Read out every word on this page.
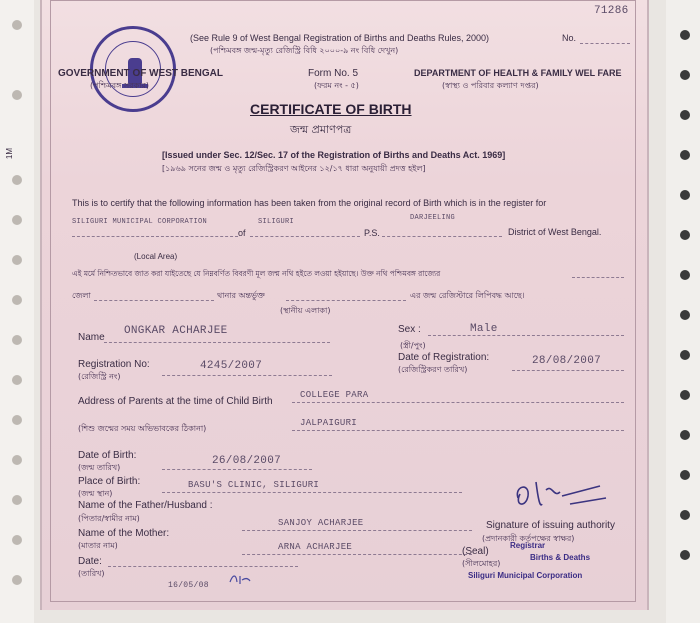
1M
71286
(See Rule 9 of West Bengal Registration of Births and Deaths Rules, 2000)
(পশ্চিমবঙ্গ জন্ম-মৃত্যু রেজিস্ট্রি বিধি ২০০০-৯ নং বিধি দেখুন)
No.
GOVERNMENT OF WEST BENGAL
(পশ্চিমবঙ্গ সরকার)
Form No. 5
(ফরম নং - ৫)
DEPARTMENT OF HEALTH & FAMILY WEL FARE
(স্বাস্থ্য ও পরিবার কল্যাণ দপ্তর)
CERTIFICATE OF BIRTH
জন্ম প্রমাণপত্র
[Issued under Sec. 12/Sec. 17 of the Registration of Births and Deaths Act. 1969]
[১৯৬৯ সনের জন্ম ও মৃত্যু রেজিস্ট্রিকরণ আইনের ১২/১৭ ধারা অনুযায়ী প্রদত্ত হইল]
This is to certify that the following information has been taken from the original record of Birth which is in the register for
SILIGURI MUNICIPAL CORPORATION
of
SILIGURI
P.S.
DARJEELING
District of West Bengal.
(Local Area)
এই মর্মে নিশ্চিতভাবে জাত করা যাইতেছে যে নিম্নবর্ণিত বিবরণী মূল জন্ম নথি হইতে লওয়া হইয়াছে। উক্ত নথি পশ্চিমবঙ্গ রাজ্যের
জেলা	থানার অন্তর্ভুক্ত	এর জন্ম রেজিস্টারে লিপিবদ্ধ আছে।
(স্থানীয় এলাকা)
Name
ONGKAR ACHARJEE	Sex :	Male
(স্ত্রী/পুং)
Registration No:
(রেজিস্ট্রি নং)
4245/2007
Date of Registration:
(রেজিস্ট্রিকরণ তারিখ)
28/08/2007
Address of Parents at the time of Child Birth
COLLEGE PARA
(শিশু জন্মের সময় অভিভাবকের ঠিকানা)
JALPAIGURI
Date of Birth:
(জন্ম তারিখ)
26/08/2007
Place of Birth:
(জন্ম স্থান)
BASU'S CLINIC, SILIGURI
Name of the Father/Husband :
(পিতার/স্বামীর নাম)	SANJOY ACHARJEE
Name of the Mother:
(মাতার নাম)	ARNA ACHARJEE
Date:
(তারিখ)
16/05/08
Signature of issuing authority
(প্রদানকারী কর্তৃপক্ষের স্বাক্ষর)
(Seal)
(সীলমোহর)
Registrar
Births & Deaths
Siliguri Municipal Corporation
